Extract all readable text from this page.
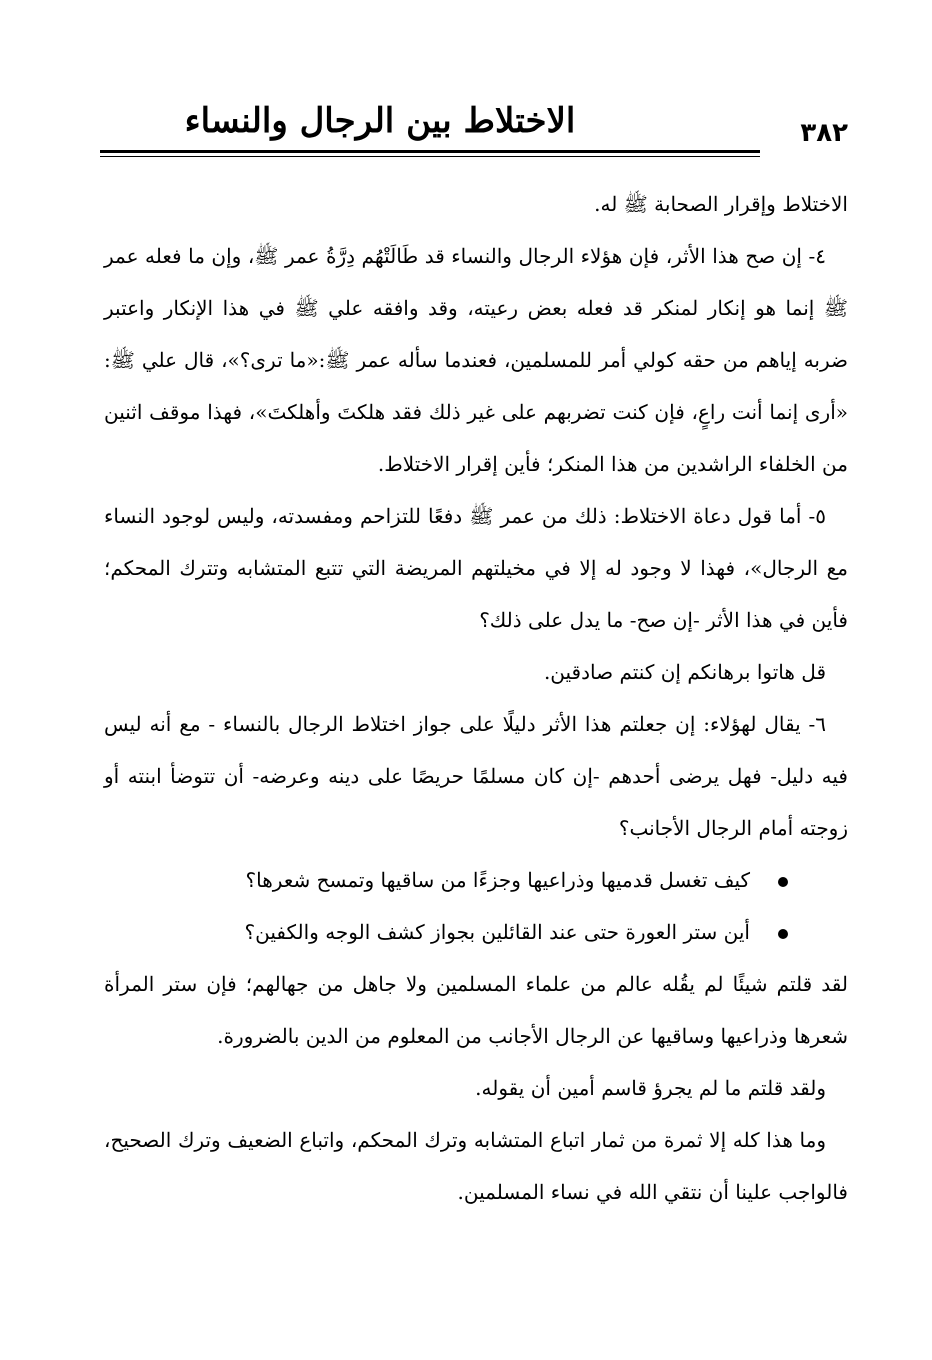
الاختلاط بين الرجال والنساء	٣٨٢

الاختلاط وإقرار الصحابة ﷺ له.

٤- إن صح هذا الأثر، فإن هؤلاء الرجال والنساء قد طَالَتْهُم دِرَّةُ عمر ﷺ، وإن ما فعله عمر ﷺ إنما هو إنكار لمنكر قد فعله بعض رعيته، وقد وافقه علي ﷺ في هذا الإنكار واعتبر ضربه إياهم من حقه كولي أمر للمسلمين، فعندما سأله عمر ﷺ:«ما ترى؟»، قال علي ﷺ: «أرى إنما أنت راعٍ، فإن كنت تضربهم على غير ذلك فقد هلكتَ وأهلكتَ»، فهذا موقف اثنين من الخلفاء الراشدين من هذا المنكر؛ فأين إقرار الاختلاط.

٥- أما قول دعاة الاختلاط: ذلك من عمر ﷺ دفعًا للتزاحم ومفسدته، وليس لوجود النساء مع الرجال»، فهذا لا وجود له إلا في مخيلتهم المريضة التي تتبع المتشابه وتترك المحكم؛ فأين في هذا الأثر -إن صح- ما يدل على ذلك؟

قل هاتوا برهانكم إن كنتم صادقين.

٦- يقال لهؤلاء: إن جعلتم هذا الأثر دليلًا على جواز اختلاط الرجال بالنساء - مع أنه ليس فيه دليل- فهل يرضى أحدهم -إن كان مسلمًا حريصًا على دينه وعرضه- أن تتوضأ ابنته أو زوجته أمام الرجال الأجانب؟

كيف تغسل قدميها وذراعيها وجزءًا من ساقيها وتمسح شعرها؟
أين ستر العورة حتى عند القائلين بجواز كشف الوجه والكفين؟

لقد قلتم شيئًا لم يقُله عالم من علماء المسلمين ولا جاهل من جهالهم؛ فإن ستر المرأة شعرها وذراعيها وساقيها عن الرجال الأجانب من المعلوم من الدين بالضرورة.

ولقد قلتم ما لم يجرؤ قاسم أمين أن يقوله.

وما هذا كله إلا ثمرة من ثمار اتباع المتشابه وترك المحكم، واتباع الضعيف وترك الصحيح، فالواجب علينا أن نتقي الله في نساء المسلمين.
